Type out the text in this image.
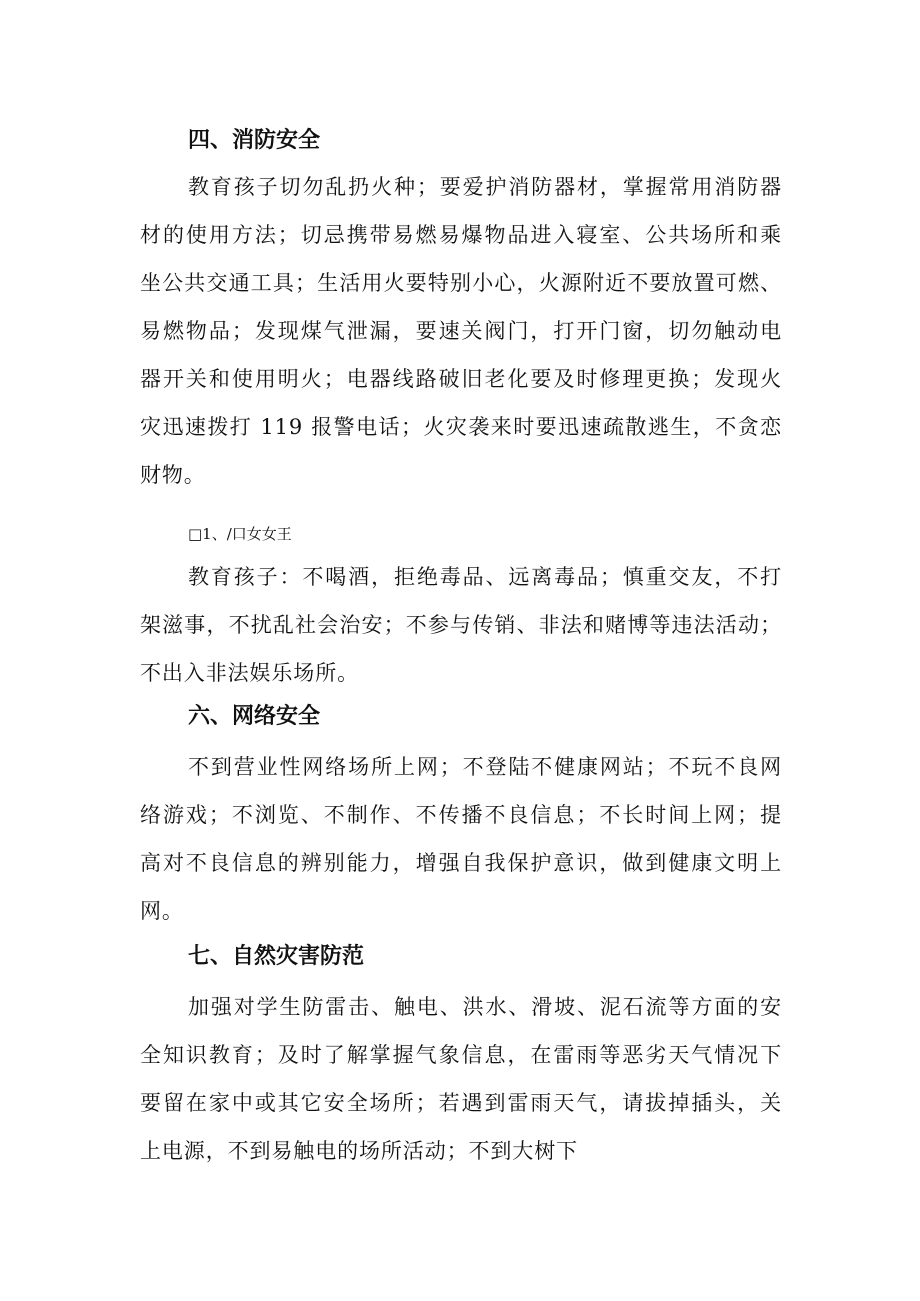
四、消防安全
教育孩子切勿乱扔火种；要爱护消防器材，掌握常用消防器
材的使用方法；切忌携带易燃易爆物品进入寝室、公共场所和乘
坐公共交通工具；生活用火要特别小心，火源附近不要放置可燃、
易燃物品；发现煤气泄漏，要速关阀门，打开门窗，切勿触动电
器开关和使用明火；电器线路破旧老化要及时修理更换；发现火
灾迅速拨打 119 报警电话；火灾袭来时要迅速疏散逃生，不贪恋
财物。
□1、/口女女王
教育孩子：不喝酒，拒绝毒品、远离毒品；慎重交友，不打
架滋事，不扰乱社会治安；不参与传销、非法和赌博等违法活动；
不出入非法娱乐场所。
六、网络安全
不到营业性网络场所上网；不登陆不健康网站；不玩不良网
络游戏；不浏览、不制作、不传播不良信息；不长时间上网；提
高对不良信息的辨别能力，增强自我保护意识，做到健康文明上
网。
七、自然灾害防范
加强对学生防雷击、触电、洪水、滑坡、泥石流等方面的安
全知识教育；及时了解掌握气象信息，在雷雨等恶劣天气情况下
要留在家中或其它安全场所；若遇到雷雨天气，请拔掉插头，关
上电源，不到易触电的场所活动；不到大树下
